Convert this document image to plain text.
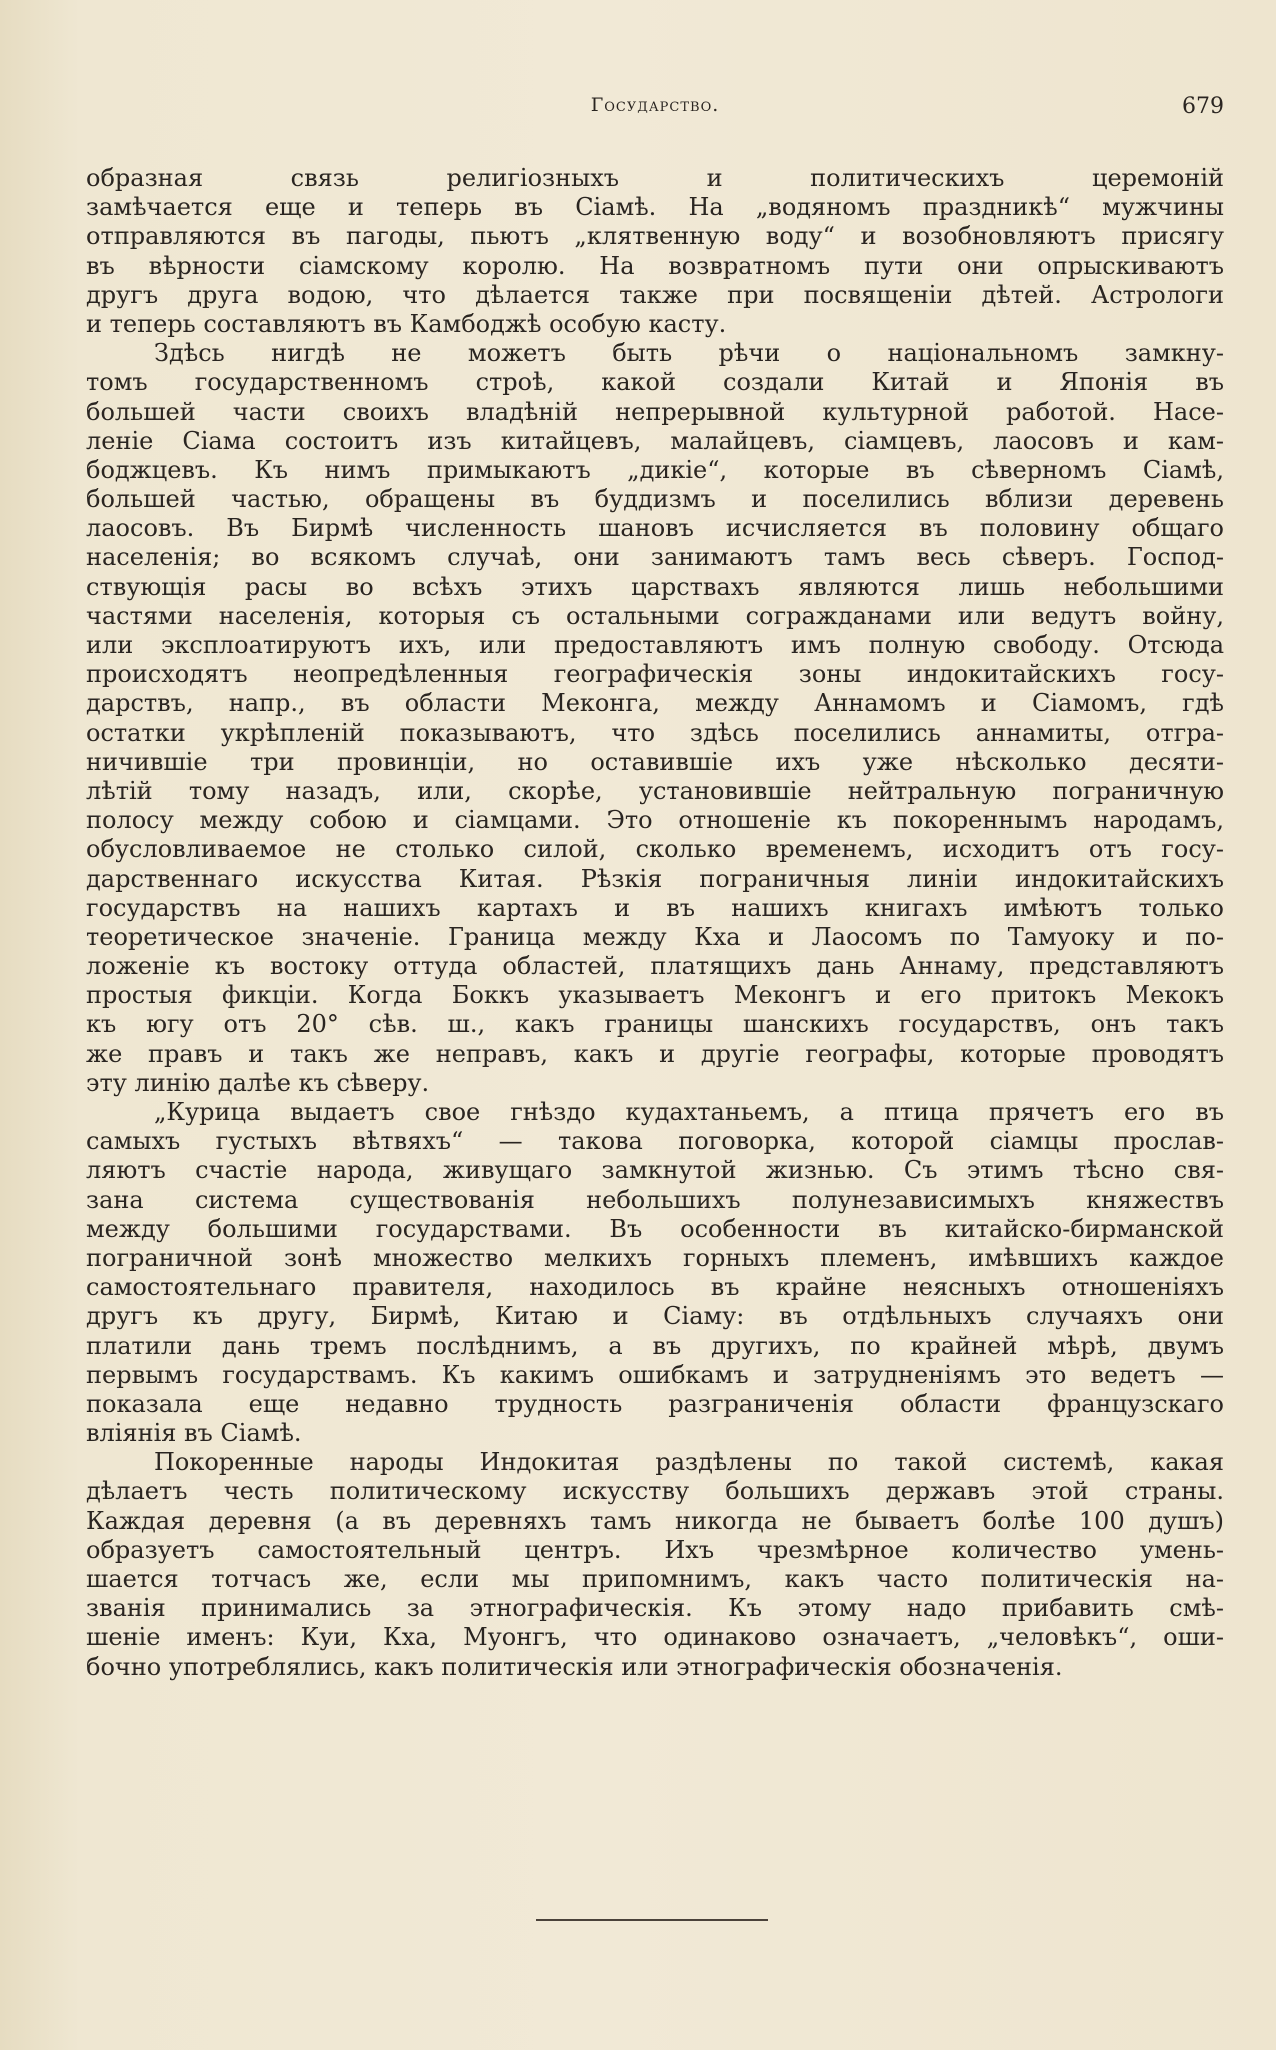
Государство.	679
образная связь религiозныхъ и политическихъ церемонiй
замѣчается еще и теперь въ Сiамѣ. На „водяномъ праздникѣ“ мужчины
отправляются въ пагоды, пьютъ „клятвенную воду“ и возобновляютъ присягу
въ вѣрности сiамскому королю. На возвратномъ пути они опрыскиваютъ
другъ друга водою, что дѣлается также при посвященiи дѣтей. Астрологи
и теперь составляютъ въ Камбоджѣ особую касту.
Здѣсь нигдѣ не можетъ быть рѣчи о нацiональномъ замкну-
томъ государственномъ строѣ, какой создали Китай и Японiя въ
большей части своихъ владѣнiй непрерывной культурной работой. Насе-
ленiе Сiама состоитъ изъ китайцевъ, малайцевъ, сiамцевъ, лаосовъ и кам-
боджцевъ. Къ нимъ примыкаютъ „дикiе“, которые въ сѣверномъ Сiамѣ,
большей частью, обращены въ буддизмъ и поселились вблизи деревень
лаосовъ. Въ Бирмѣ численность шановъ исчисляется въ половину общаго
населенiя; во всякомъ случаѣ, они занимаютъ тамъ весь сѣверъ. Господ-
ствующiя расы во всѣхъ этихъ царствахъ являются лишь небольшими
частями населенiя, которыя съ остальными согражданами или ведутъ войну,
или эксплоатируютъ ихъ, или предоставляютъ имъ полную свободу. Отсюда
происходятъ неопредѣленныя географическiя зоны индокитайскихъ госу-
дарствъ, напр., въ области Меконга, между Аннамомъ и Сiамомъ, гдѣ
остатки укрѣпленiй показываютъ, что здѣсь поселились аннамиты, отгра-
ничившiе три провинцiи, но оставившiе ихъ уже нѣсколько десяти-
лѣтiй тому назадъ, или, скорѣе, установившiе нейтральную пограничную
полосу между собою и сiамцами. Это отношенiе къ покореннымъ народамъ,
обусловливаемое не столько силой, сколько временемъ, исходитъ отъ госу-
дарственнаго искусства Китая. Рѣзкiя пограничныя линiи индокитайскихъ
государствъ на нашихъ картахъ и въ нашихъ книгахъ имѣютъ только
теоретическое значенiе. Граница между Кха и Лаосомъ по Тамуоку и по-
ложенiе къ востоку оттуда областей, платящихъ дань Аннаму, представляютъ
простыя фикцiи. Когда Боккъ указываетъ Меконгъ и его притокъ Мекокъ
къ югу отъ 20° сѣв. ш., какъ границы шанскихъ государствъ, онъ такъ
же правъ и такъ же неправъ, какъ и другiе географы, которые проводятъ
эту линiю далѣе къ сѣверу.
„Курица выдаетъ свое гнѣздо кудахтаньемъ, а птица прячетъ его въ
самыхъ густыхъ вѣтвяхъ“ — такова поговорка, которой сiамцы прослав-
ляютъ счастiе народа, живущаго замкнутой жизнью. Съ этимъ тѣсно свя-
зана система существованiя небольшихъ полунезависимыхъ княжествъ
между большими государствами. Въ особенности въ китайско-бирманской
пограничной зонѣ множество мелкихъ горныхъ племенъ, имѣвшихъ каждое
самостоятельнаго правителя, находилось въ крайне неясныхъ отношенiяхъ
другъ къ другу, Бирмѣ, Китаю и Сiаму: въ отдѣльныхъ случаяхъ они
платили дань тремъ послѣднимъ, а въ другихъ, по крайней мѣрѣ, двумъ
первымъ государствамъ. Къ какимъ ошибкамъ и затрудненiямъ это ведетъ —
показала еще недавно трудность разграниченiя области французскаго
влiянiя въ Сiамѣ.
Покоренные народы Индокитая раздѣлены по такой системѣ, какая
дѣлаетъ честь политическому искусству большихъ державъ этой страны.
Каждая деревня (а въ деревняхъ тамъ никогда не бываетъ болѣе 100 душъ)
образуетъ самостоятельный центръ. Ихъ чрезмѣрное количество умень-
шается тотчасъ же, если мы припомнимъ, какъ часто политическiя на-
званiя принимались за этнографическiя. Къ этому надо прибавить смѣ-
шенiе именъ: Куи, Кха, Муонгъ, что одинаково означаетъ, „человѣкъ“, оши-
бочно употреблялись, какъ политическiя или этнографическiя обозначенiя.
